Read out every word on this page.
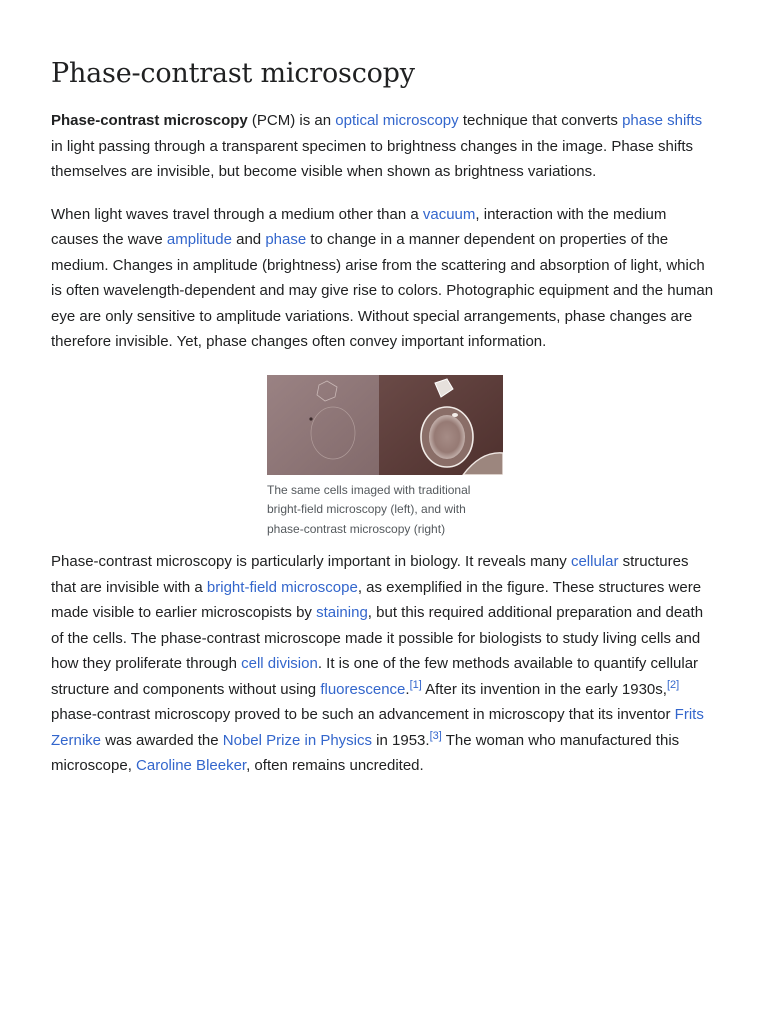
Phase-contrast microscopy

Phase-contrast microscopy (PCM) is an optical microscopy technique that converts phase shifts in light passing through a transparent specimen to brightness changes in the image. Phase shifts themselves are invisible, but become visible when shown as brightness variations.

When light waves travel through a medium other than a vacuum, interaction with the medium causes the wave amplitude and phase to change in a manner dependent on properties of the medium. Changes in amplitude (brightness) arise from the scattering and absorption of light, which is often wavelength-dependent and may give rise to colors. Photographic equipment and the human eye are only sensitive to amplitude variations. Without special arrangements, phase changes are therefore invisible. Yet, phase changes often convey important information.

The same cells imaged with traditional bright-field microscopy (left), and with phase-contrast microscopy (right)

Phase-contrast microscopy is particularly important in biology. It reveals many cellular structures that are invisible with a bright-field microscope, as exemplified in the figure. These structures were made visible to earlier microscopists by staining, but this required additional preparation and death of the cells. The phase-contrast microscope made it possible for biologists to study living cells and how they proliferate through cell division. It is one of the few methods available to quantify cellular structure and components without using fluorescence.[1] After its invention in the early 1930s,[2] phase-contrast microscopy proved to be such an advancement in microscopy that its inventor Frits Zernike was awarded the Nobel Prize in Physics in 1953.[3] The woman who manufactured this microscope, Caroline Bleeker, often remains uncredited.
